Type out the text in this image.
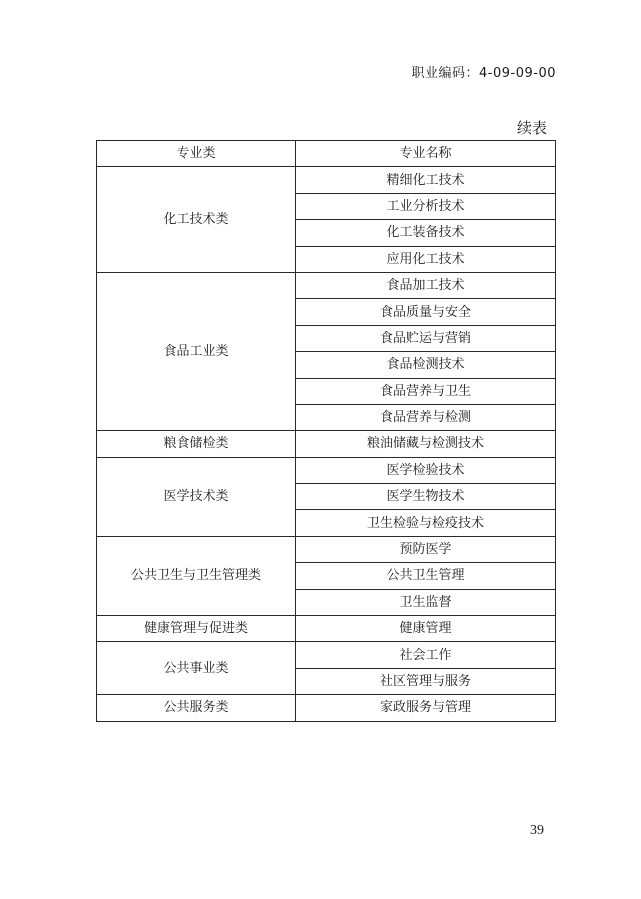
职业编码：4-09-09-00
续表
专业类	专业名称
化工技术类	精细化工技术
	工业分析技术
	化工装备技术
	应用化工技术
食品工业类	食品加工技术
	食品质量与安全
	食品贮运与营销
	食品检测技术
	食品营养与卫生
	食品营养与检测
粮食储检类	粮油储藏与检测技术
医学技术类	医学检验技术
	医学生物技术
	卫生检验与检疫技术
公共卫生与卫生管理类	预防医学
	公共卫生管理
	卫生监督
健康管理与促进类	健康管理
公共事业类	社会工作
	社区管理与服务
公共服务类	家政服务与管理
39
